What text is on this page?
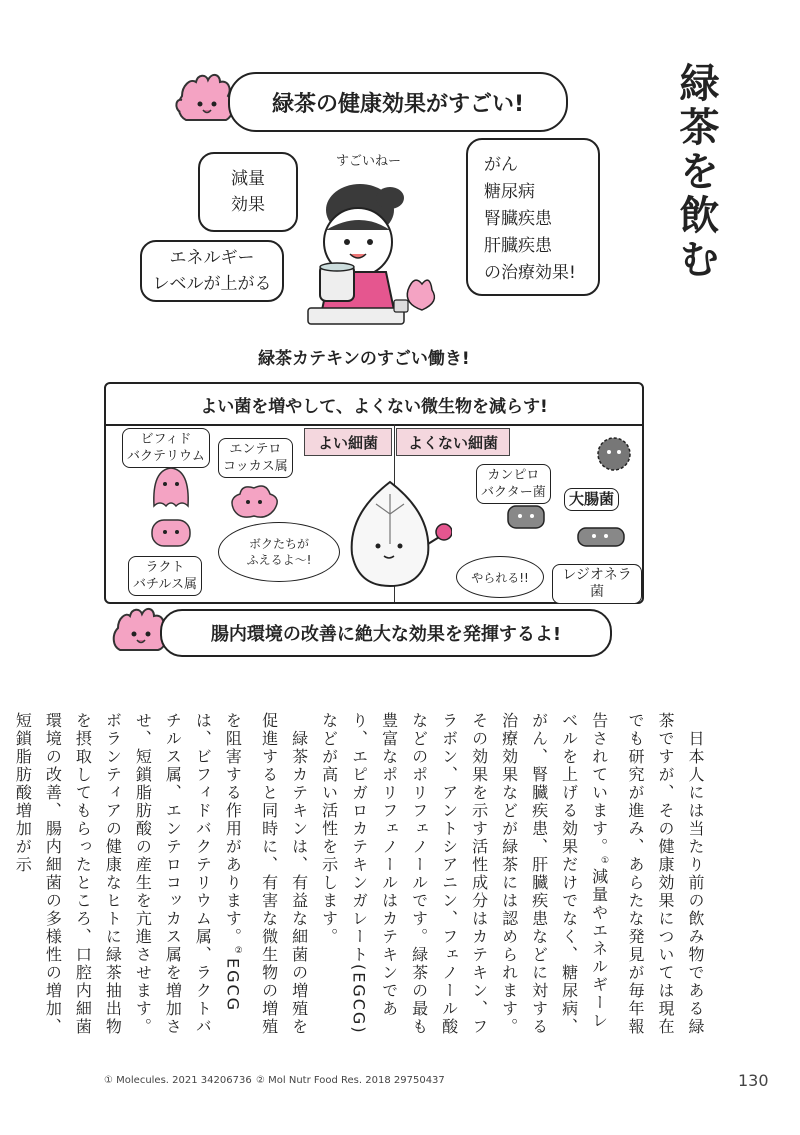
緑茶を飲む
緑茶の健康効果がすごい!
すごいねー
減量
効果
エネルギー
レベルが上がる
がん
糖尿病
腎臓疾患
肝臓疾患
の治療効果!
緑茶カテキンのすごい働き!
よい菌を増やして、よくない微生物を減らす!
よい細菌	よくない細菌
ビフィド
バクテリウム	エンテロ
コッカス属
ラクト
バチルス属
ボクたちが
ふえるよ〜!
カンピロ
バクター菌	大腸菌
レジオネラ菌
やられる!!
腸内環境の改善に絶大な効果を発揮するよ!

　日本人には当たり前の飲み物である緑茶ですが、その健康効果については現在でも研究が進み、あらたな発見が毎年報告されています。①減量やエネルギーレベルを上げる効果だけでなく、糖尿病、がん、腎臓疾患、肝臓疾患などに対する治療効果などが緑茶には認められます。その効果を示す活性成分はカテキン、フラボン、アントシアニン、フェノール酸などのポリフェノールです。緑茶の最も豊富なポリフェノールはカテキンであり、エピガロカテキンガレート(EGCG)などが高い活性を示します。

　緑茶カテキンは、有益な細菌の増殖を促進すると同時に、有害な微生物の増殖を阻害する作用があります。②EGCGは、ビフィドバクテリウム属、ラクトバチルス属、エンテロコッカス属を増加させ、短鎖脂肪酸の産生を亢進させます。ボランティアの健康なヒトに緑茶抽出物を摂取してもらったところ、口腔内細菌環境の改善、腸内細菌の多様性の増加、短鎖脂肪酸増加が示

① Molecules. 2021 34206736 ② Mol Nutr Food Res. 2018 29750437	130
